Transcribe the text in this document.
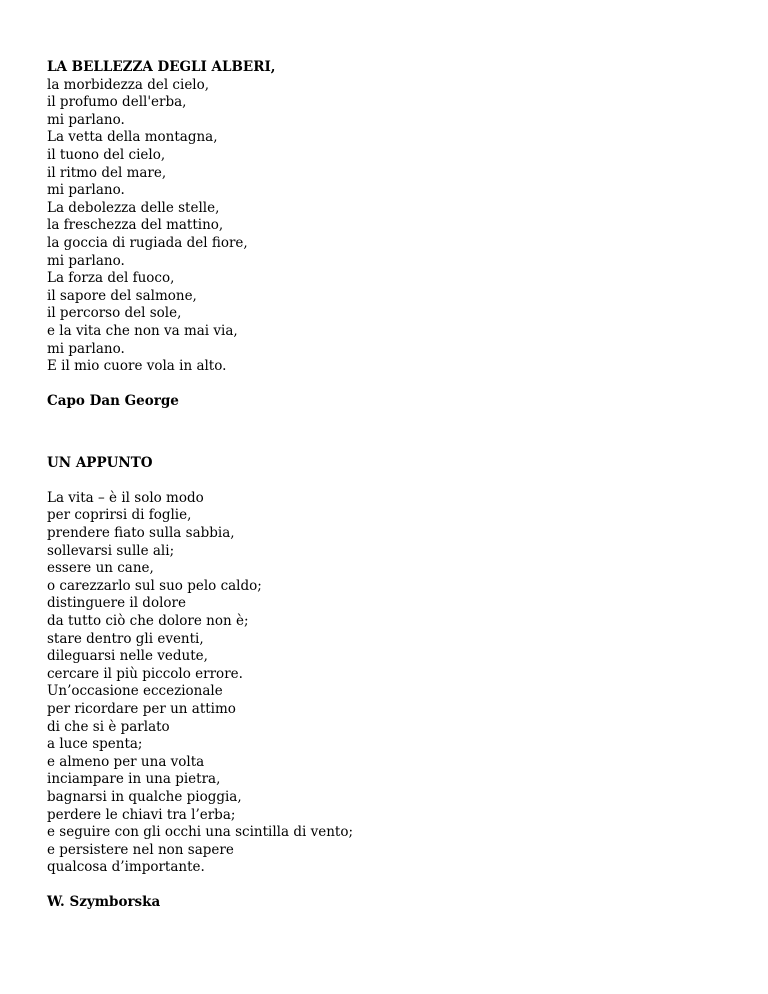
LA BELLEZZA DEGLI ALBERI,
la morbidezza del cielo,
il profumo dell'erba,
mi parlano.
La vetta della montagna,
il tuono del cielo,
il ritmo del mare,
mi parlano.
La debolezza delle stelle,
la freschezza del mattino,
la goccia di rugiada del fiore,
mi parlano.
La forza del fuoco,
il sapore del salmone,
il percorso del sole,
e la vita che non va mai via,
mi parlano.
E il mio cuore vola in alto.
Capo Dan George
UN APPUNTO
La vita – è il solo modo
per coprirsi di foglie,
prendere fiato sulla sabbia,
sollevarsi sulle ali;
essere un cane,
o carezzarlo sul suo pelo caldo;
distinguere il dolore
da tutto ciò che dolore non è;
stare dentro gli eventi,
dileguarsi nelle vedute,
cercare il più piccolo errore.
Un’occasione eccezionale
per ricordare per un attimo
di che si è parlato
a luce spenta;
e almeno per una volta
inciampare in una pietra,
bagnarsi in qualche pioggia,
perdere le chiavi tra l’erba;
e seguire con gli occhi una scintilla di vento;
e persistere nel non sapere
qualcosa d’importante.
W. Szymborska
